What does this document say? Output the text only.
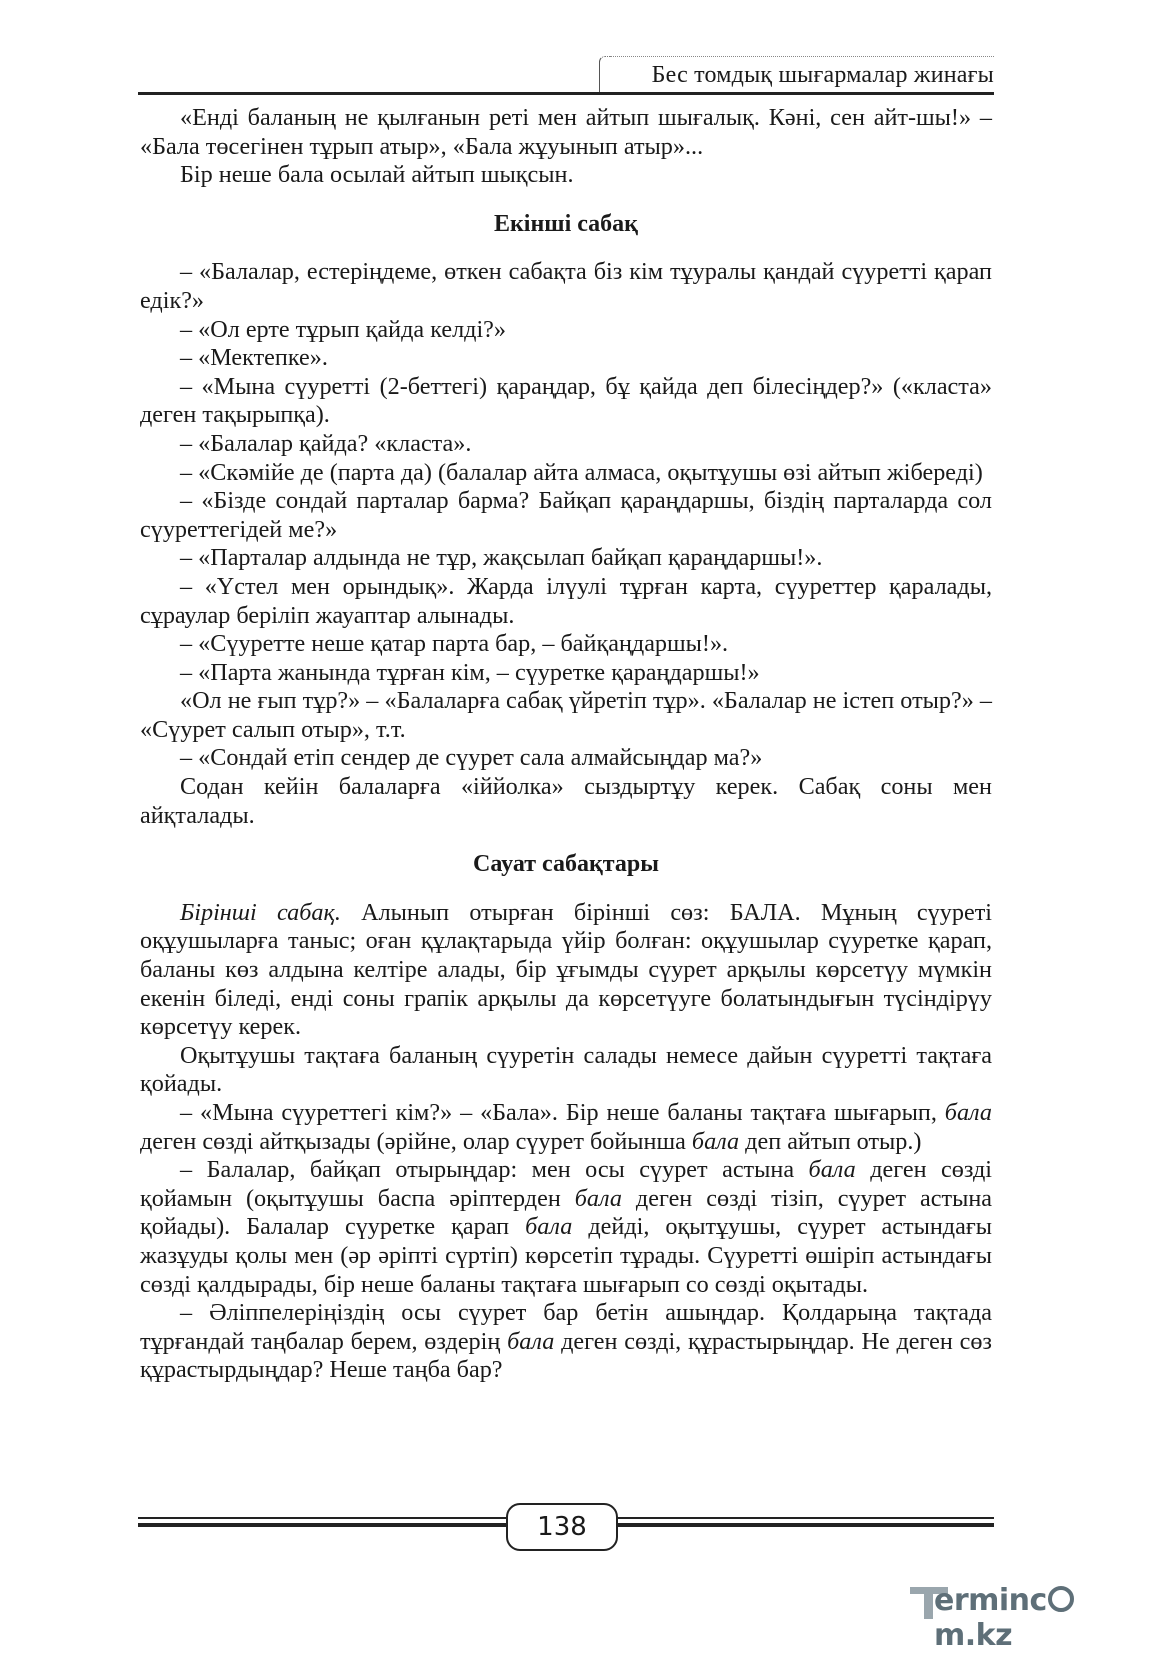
Бес томдық шығармалар жинағы

«Енді баланың не қылғанын реті мен айтып шығалық. Кәні, сен айт-шы!» – «Бала төсегінен тұрып атыр», «Бала жұуынып атыр»...

Бір неше бала осылай айтып шықсын.

Екінші сабақ

– «Балалар, естеріңдеме, өткен сабақта біз кім тұуралы қандай сүуретті қарап едік?»

– «Ол ерте тұрып қайда келді?»

– «Мектепке».

– «Мына сүуретті (2-беттегі) қараңдар, бұ қайда деп білесіңдер?» («класта» деген тақырыпқа).

– «Балалар қайда? «класта».

– «Скәмійе де (парта да) (балалар айта алмаса, оқытұушы өзі айтып жібереді)

– «Бізде сондай парталар барма? Байқап қараңдаршы, біздің парталарда сол сүуреттегідей ме?»

– «Парталар алдында не тұр, жақсылап байқап қараңдаршы!».

– «Үстел мен орындық». Жарда ілүулі тұрған карта, сүуреттер қаралады, сұраулар беріліп жауаптар алынады.

– «Сүуретте неше қатар парта бар, – байқаңдаршы!».

– «Парта жанында тұрған кім, – сүуретке қараңдаршы!»

«Ол не ғып тұр?» – «Балаларға сабақ үйретіп тұр». «Балалар не істеп отыр?» – «Сүурет салып отыр», т.т.

– «Сондай етіп сендер де сүурет сала алмайсыңдар ма?»

Содан кейін балаларға «іййолка» сыздыртұу керек. Сабақ соны мен айқталады.

Сауат сабақтары

Бірінші сабақ. Алынып отырған бірінші сөз: БАЛА. Мұның сүуреті оқұушыларға таныс; оған құлақтарыда үйір болған: оқұушылар сүуретке қарап, баланы көз алдына келтіре алады, бір ұғымды сүурет арқылы көрсетүу мүмкін екенін біледі, енді соны грапік арқылы да көрсетүуге болатындығын түсіндірүу көрсетүу керек.

Оқытұушы тақтаға баланың сүуретін салады немесе дайын сүуретті тақтаға қойады.

– «Мына сүуреттегі кім?» – «Бала». Бір неше баланы тақтаға шығарып, бала деген сөзді айтқызады (әрійне, олар сүурет бойынша бала деп айтып отыр.)

– Балалар, байқап отырыңдар: мен осы сүурет астына бала деген сөзді қойамын (оқытұушы баспа әріптерден бала деген сөзді тізіп, сүурет астына қойады). Балалар сүуретке қарап бала дейді, оқытұушы, сүурет астындағы жазұуды қолы мен (әр әріпті сүртіп) көрсетіп тұрады. Сүуретті өшіріп астындағы сөзді қалдырады, бір неше баланы тақтаға шығарып со сөзді оқытады.

– Әліппелеріңіздің осы сүурет бар бетін ашыңдар. Қолдарыңа тақтада тұрғандай таңбалар берем, өздерің бала деген сөзді, құрастырыңдар. Не деген сөз құрастырдыңдар? Неше таңба бар?

138
ermincm.kz
